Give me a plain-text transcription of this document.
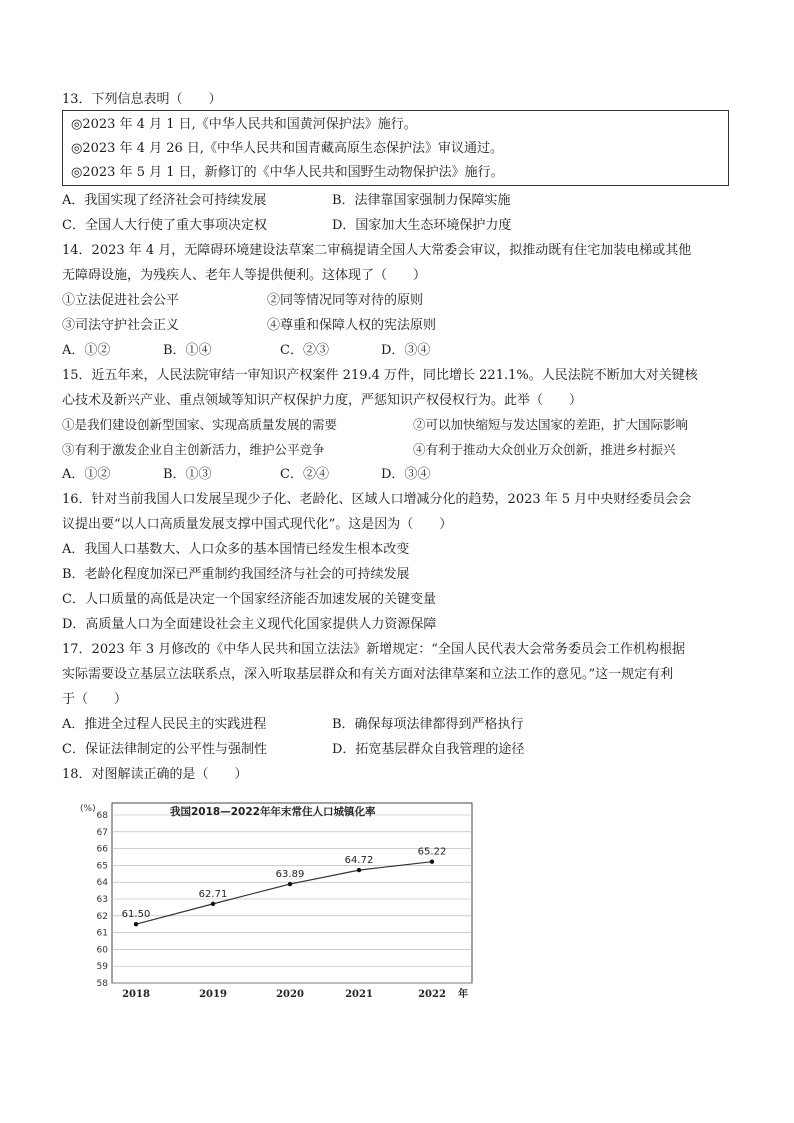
13．下列信息表明（　　）
◎2023 年 4 月 1 日,《中华人民共和国黄河保护法》施行。
◎2023 年 4 月 26 日,《中华人民共和国青藏高原生态保护法》审议通过。
◎2023 年 5 月 1 日，新修订的《中华人民共和国野生动物保护法》施行。
A．我国实现了经济社会可持续发展	B．法律靠国家强制力保障实施
C．全国人大行使了重大事项决定权	D．国家加大生态环境保护力度
14．2023 年 4 月，无障碍环境建设法草案二审稿提请全国人大常委会审议，拟推动既有住宅加装电梯或其他
无障碍设施，为残疾人、老年人等提供便利。这体现了（　　）
①立法促进社会公平	②同等情况同等对待的原则
③司法守护社会正义	④尊重和保障人权的宪法原则
A．①②	B．①④	C．②③	D．③④
15．近五年来，人民法院审结一审知识产权案件 219.4 万件，同比增长 221.1%。人民法院不断加大对关键核
心技术及新兴产业、重点领域等知识产权保护力度，严惩知识产权侵权行为。此举（　　）
①是我们建设创新型国家、实现高质量发展的需要	②可以加快缩短与发达国家的差距，扩大国际影响
③有利于激发企业自主创新活力，维护公平竞争	④有利于推动大众创业万众创新，推进乡村振兴
A．①②	B．①③	C．②④	D．③④
16．针对当前我国人口发展呈现少子化、老龄化、区域人口增减分化的趋势，2023 年 5 月中央财经委员会会
议提出要“以人口高质量发展支撑中国式现代化”。这是因为（　　）
A．我国人口基数大、人口众多的基本国情已经发生根本改变
B．老龄化程度加深已严重制约我国经济与社会的可持续发展
C．人口质量的高低是决定一个国家经济能否加速发展的关键变量
D．高质量人口为全面建设社会主义现代化国家提供人力资源保障
17．2023 年 3 月修改的《中华人民共和国立法法》新增规定：“全国人民代表大会常务委员会工作机构根据
实际需要设立基层立法联系点，深入听取基层群众和有关方面对法律草案和立法工作的意见。”这一规定有利
于（　　）
A．推进全过程人民民主的实践进程	B．确保每项法律都得到严格执行
C．保证法律制定的公平性与强制性	D．拓宽基层群众自我管理的途径
18．对图解读正确的是（　　）
68
67
66
65
64
63
62
61
60
59
58
2018	2019	2020	2021	2022
61.50
62.71
63.89
64.72
65.22
(%)	我国2018—2022年年末常住人口城镇化率
年
